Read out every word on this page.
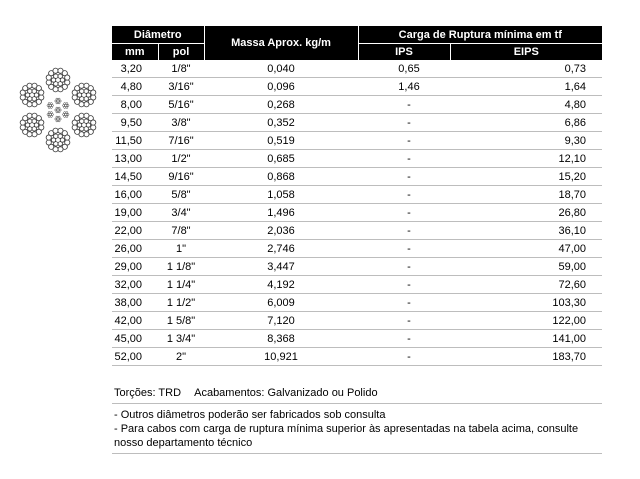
Diâmetro		Massa Aprox. kg/m	Carga de Ruptura mínima em tf	
mm	pol		IPS	EIPS
3,20	1/8"	0,040	0,65	0,73
4,80	3/16"	0,096	1,46	1,64
8,00	5/16"	0,268	-	4,80
9,50	3/8"	0,352	-	6,86
11,50	7/16"	0,519	-	9,30
13,00	1/2"	0,685	-	12,10
14,50	9/16"	0,868	-	15,20
16,00	5/8"	1,058	-	18,70
19,00	3/4"	1,496	-	26,80
22,00	7/8"	2,036	-	36,10
26,00	1"	2,746	-	47,00
29,00	1 1/8"	3,447	-	59,00
32,00	1 1/4"	4,192	-	72,60
38,00	1 1/2"	6,009	-	103,30
42,00	1 5/8"	7,120	-	122,00
45,00	1 3/4"	8,368	-	141,00
52,00	2"	10,921	-	183,70
Torções: TRD Acabamentos: Galvanizado ou Polido
- Outros diâmetros poderão ser fabricados sob consulta
- Para cabos com carga de ruptura mínima superior às apresentadas na tabela acima, consulte nosso departamento técnico
